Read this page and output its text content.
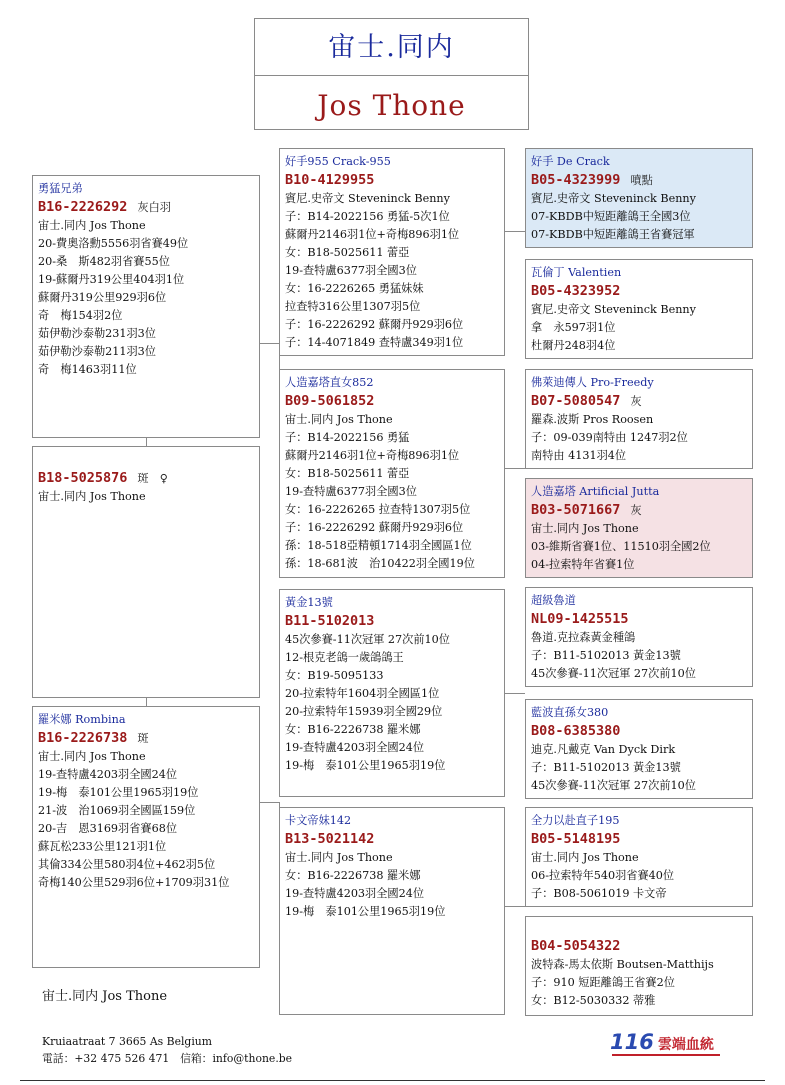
宙士.同内
Jos Thone
勇猛兄弟
B16-2226292 灰白羽
宙士.同内 Jos Thone
20-費奧洛勳5556羽省賽49位
20-桑　斯482羽省賽55位
19-蘇爾丹319公里404羽1位
蘇爾丹319公里929羽6位
奇　梅154羽2位
茹伊勒沙泰勒231羽3位
茹伊勒沙泰勒211羽3位
奇　梅1463羽11位
B18-5025876 斑　♀
宙士.同内 Jos Thone
羅米娜 Rombina
B16-2226738 斑
宙士.同内 Jos Thone
19-查特盧4203羽全國24位
19-梅　泰101公里1965羽19位
21-波　治1069羽全國區159位
20-吉　恩3169羽省賽68位
蘇瓦松233公里121羽1位
其倫334公里580羽4位+462羽5位
奇梅140公里529羽6位+1709羽31位
好手955 Crack-955
B10-4129955
賓尼.史帝文 Steveninck Benny
子：B14-2022156 勇猛-5次1位
蘇爾丹2146羽1位+奇梅896羽1位
女：B18-5025611 蕾亞
19-查特盧6377羽全國3位
女：16-2226265 勇猛妹妹
拉查特316公里1307羽5位
子：16-2226292 蘇爾丹929羽6位
子：14-4071849 查特盧349羽1位
人造嘉塔直女852
B09-5061852
宙士.同内 Jos Thone
子：B14-2022156 勇猛
蘇爾丹2146羽1位+奇梅896羽1位
女：B18-5025611 蕾亞
19-查特盧6377羽全國3位
女：16-2226265 拉查特1307羽5位
子：16-2226292 蘇爾丹929羽6位
孫：18-518亞精頓1714羽全國區1位
孫：18-681波　治10422羽全國19位
黃金13號
B11-5102013
45次參賽-11次冠軍 27次前10位
12-根克老鴿一歲鴿鴿王
女：B19-5095133
20-拉索特年1604羽全國區1位
20-拉索特年15939羽全國29位
女：B16-2226738 羅米娜
19-查特盧4203羽全國24位
19-梅　泰101公里1965羽19位
卡文帝妹142
B13-5021142
宙士.同内 Jos Thone
女：B16-2226738 羅米娜
19-查特盧4203羽全國24位
19-梅　泰101公里1965羽19位
好手 De Crack
B05-4323999 噴點
賓尼.史帝文 Steveninck Benny
07-KBDB中短距離鴿王全國3位
07-KBDB中短距離鴿王省賽冠軍
瓦倫丁 Valentien
B05-4323952
賓尼.史帝文 Steveninck Benny
拿　永597羽1位
杜爾丹248羽4位
佛萊迪傳人 Pro-Freedy
B07-5080547 灰
羅森.波斯 Pros Roosen
子：09-039南特由 1247羽2位
南特由 4131羽4位
人造嘉塔 Artificial Jutta
B03-5071667 灰
宙士.同内 Jos Thone
03-維斯省賽1位、11510羽全國2位
04-拉索特年省賽1位
超級魯道
NL09-1425515
魯道.克拉森黃金種鴿
子：B11-5102013 黃金13號
45次參賽-11次冠軍 27次前10位
藍波直孫女380
B08-6385380
迪克.凡戴克 Van Dyck Dirk
子：B11-5102013 黃金13號
45次參賽-11次冠軍 27次前10位
全力以赴直子195
B05-5148195
宙士.同内 Jos Thone
06-拉索特年540羽省賽40位
子：B08-5061019 卡文帝
B04-5054322
波特森-馬太依斯 Boutsen-Matthijs
子：910 短距離鴿王省賽2位
女：B12-5030332 蒂雅
宙士.同内 Jos Thone
Kruiaatraat 7 3665 As Belgium
電話：+32 475 526 471　信箱：info@thone.be
116 雲端血統
